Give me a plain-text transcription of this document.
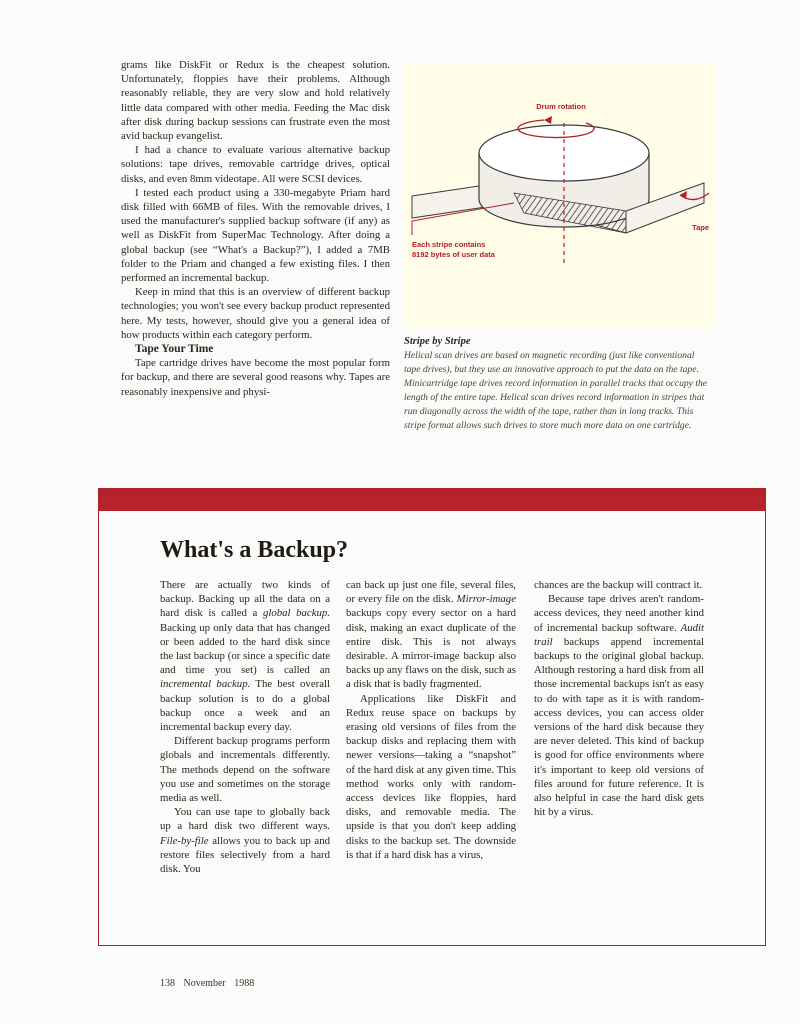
grams like DiskFit or Redux is the cheapest solution. Unfortunately, floppies have their problems. Although reasonably reliable, they are very slow and hold relatively little data compared with other media. Feeding the Mac disk after disk during backup sessions can frustrate even the most avid backup evangelist.

I had a chance to evaluate various alternative backup solutions: tape drives, removable cartridge drives, optical disks, and even 8mm videotape. All were SCSI devices.

I tested each product using a 330-megabyte Priam hard disk filled with 66MB of files. With the removable drives, I used the manufacturer's supplied backup software (if any) as well as DiskFit from SuperMac Technology. After doing a global backup (see “What's a Backup?”), I added a 7MB folder to the Priam and changed a few existing files. I then performed an incremental backup.

Keep in mind that this is an overview of different backup technologies; you won't see every backup product represented here. My tests, however, should give you a general idea of how products within each category perform.

Tape Your Time

Tape cartridge drives have become the most popular form for backup, and there are several good reasons why. Tapes are reasonably inexpensive and physi-

Drum rotation
Tape
Each stripe contains
8192 bytes of user data
Stripe by Stripe
Helical scan drives are based on magnetic recording (just like conventional tape drives), but they use an innovative approach to put the data on the tape. Minicartridge tape drives record information in parallel tracks that occupy the length of the entire tape. Helical scan drives record information in stripes that run diagonally across the width of the tape, rather than in long tracks. This stripe format allows such drives to store much more data on one cartridge.
What's a Backup?

There are actually two kinds of backup. Backing up all the data on a hard disk is called a global backup. Backing up only data that has changed or been added to the hard disk since the last backup (or since a specific date and time you set) is called an incremental backup. The best overall backup solution is to do a global backup once a week and an incremental backup every day.

Different backup programs perform globals and incrementals differently. The methods depend on the software you use and sometimes on the storage media as well.

You can use tape to globally back up a hard disk two different ways. File-by-file allows you to back up and restore files selectively from a hard disk. You

can back up just one file, several files, or every file on the disk. Mirror-image backups copy every sector on a hard disk, making an exact duplicate of the entire disk. This is not always desirable. A mirror-image backup also backs up any flaws on the disk, such as a disk that is badly fragmented.

Applications like DiskFit and Redux reuse space on backups by erasing old versions of files from the backup disks and replacing them with newer versions—taking a “snapshot” of the hard disk at any given time. This method works only with random-access devices like floppies, hard disks, and removable media. The upside is that you don't keep adding disks to the backup set. The downside is that if a hard disk has a virus,

chances are the backup will contract it.

Because tape drives aren't random-access devices, they need another kind of incremental backup software. Audit trail backups append incremental backups to the original global backup. Although restoring a hard disk from all those incremental backups isn't as easy to do with tape as it is with random-access devices, you can access older versions of the hard disk because they are never deleted. This kind of backup is good for office environments where it's important to keep old versions of files around for future reference. It is also helpful in case the hard disk gets hit by a virus.

138 November 1988
